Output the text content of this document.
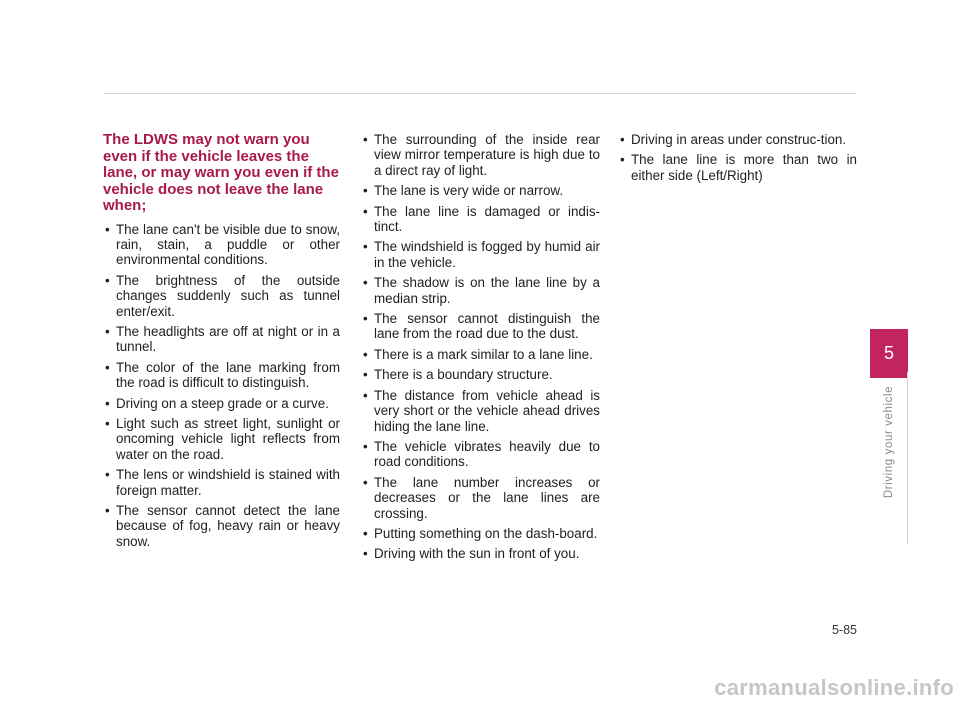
The LDWS may not warn you even if the vehicle leaves the lane, or may warn you even if the vehicle does not leave the lane when;
• The lane can't be visible due to snow, rain, stain, a puddle or other environmental conditions.
• The brightness of the outside changes suddenly such as tunnel enter/exit.
• The headlights are off at night or in a tunnel.
• The color of the lane marking from the road is difficult to distinguish.
• Driving on a steep grade or a curve.
• Light such as street light, sunlight or oncoming vehicle light reflects from water on the road.
• The lens or windshield is stained with foreign matter.
• The sensor cannot detect the lane because of fog, heavy rain or heavy snow.
• The surrounding of the inside rear view mirror temperature is high due to a direct ray of light.
• The lane is very wide or narrow.
• The lane line is damaged or indis-tinct.
• The windshield is fogged by humid air in the vehicle.
• The shadow is on the lane line by a median strip.
• The sensor cannot distinguish the lane from the road due to the dust.
• There is a mark similar to a lane line.
• There is a boundary structure.
• The distance from vehicle ahead is very short or the vehicle ahead drives hiding the lane line.
• The vehicle vibrates heavily due to road conditions.
• The lane number increases or decreases or the lane lines are crossing.
• Putting something on the dash-board.
• Driving with the sun in front of you.
• Driving in areas under construc-tion.
• The lane line is more than two in either side (Left/Right)
5
Driving your vehicle
5-85
carmanualsonline.info
